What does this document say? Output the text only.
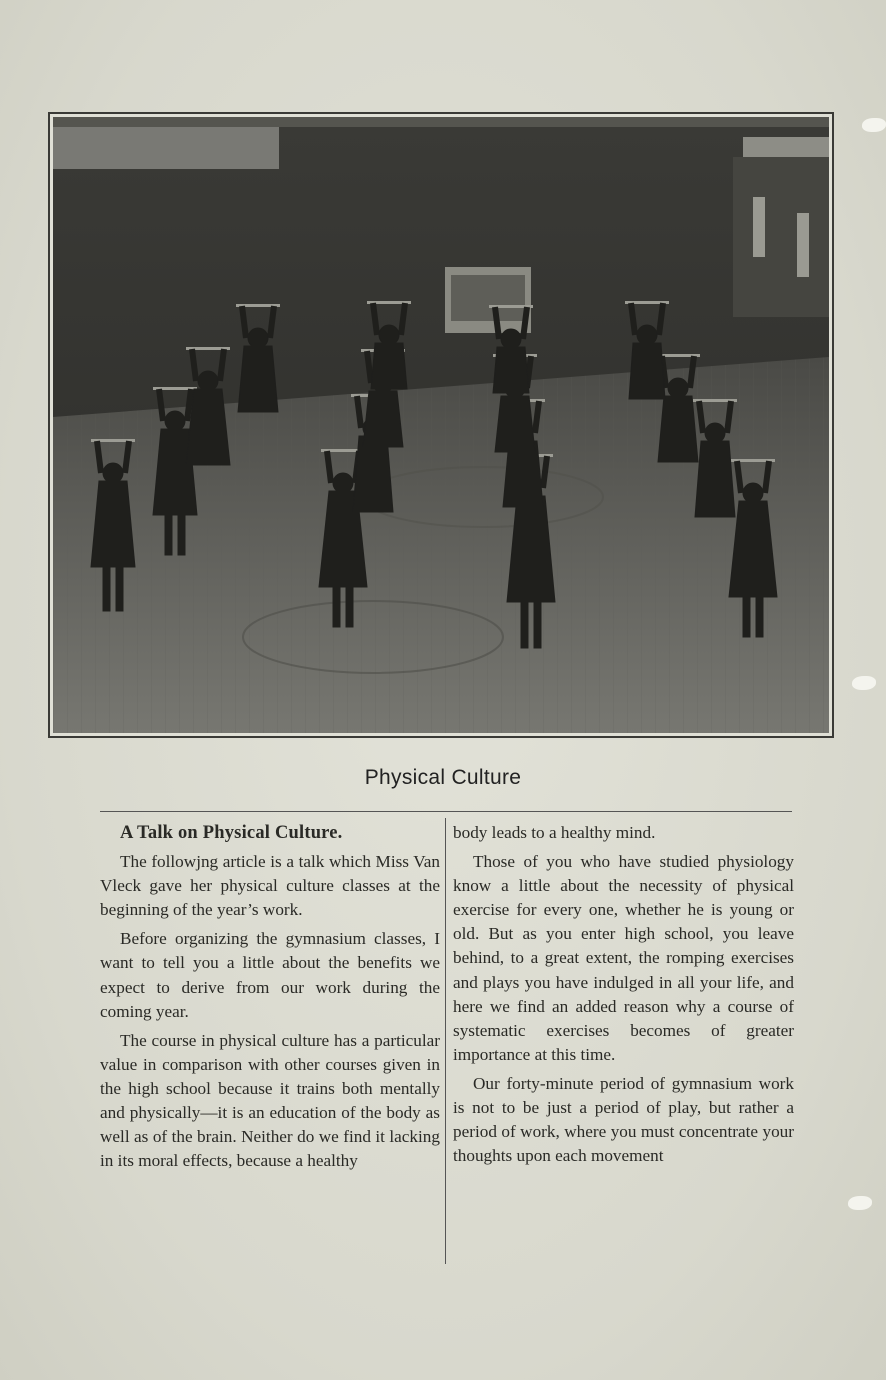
Physical Culture

A Talk on Physical Culture.

The followjng article is a talk which Miss Van Vleck gave her physical culture classes at the beginning of the year’s work.

Before organizing the gymnasium classes, I want to tell you a little about the benefits we expect to derive from our work during the coming year.

The course in physical culture has a particular value in comparison with other courses given in the high school because it trains both mentally and physically—it is an education of the body as well as of the brain. Neither do we find it lacking in its moral effects, because a healthy

body leads to a healthy mind.

Those of you who have studied physiology know a little about the necessity of physical exercise for every one, whether he is young or old. But as you enter high school, you leave behind, to a great extent, the romping exercises and plays you have indulged in all your life, and here we find an added reason why a course of systematic exercises becomes of greater importance at this time.

Our forty-minute period of gymnasium work is not to be just a period of play, but rather a period of work, where you must concentrate your thoughts upon each movement
